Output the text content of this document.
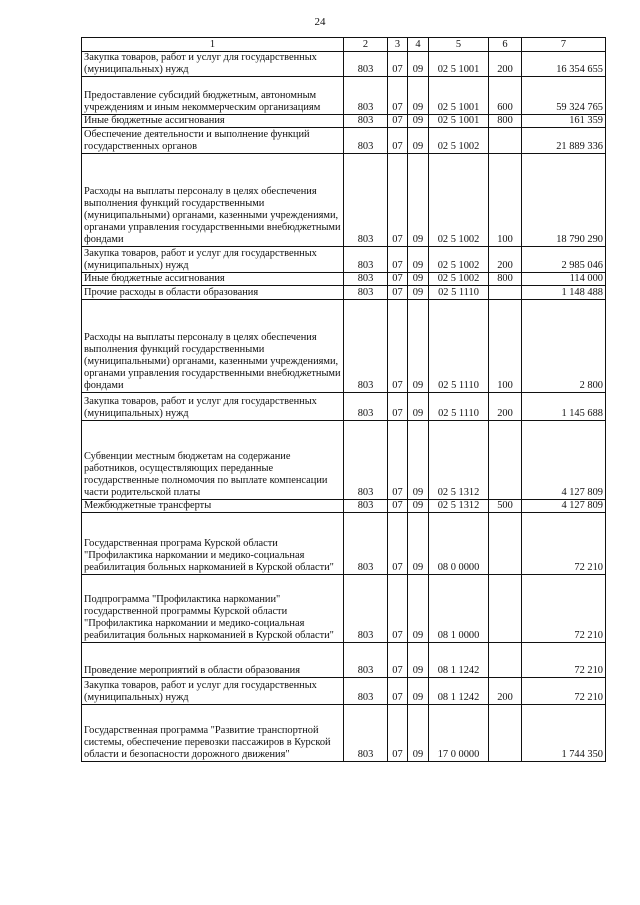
24
1	2	3	4	5	6	7
Закупка товаров, работ и услуг для государственных (муниципальных) нужд	803	07	09	02 5 1001	200	16 354 655
Предоставление субсидий бюджетным, автономным учреждениям и иным некоммерческим организациям	803	07	09	02 5 1001	600	59 324 765
Иные бюджетные ассигнования	803	07	09	02 5 1001	800	161 359
Обеспечение деятельности и выполнение функций государственных органов	803	07	09	02 5 1002		21 889 336
Расходы на выплаты персоналу в целях обеспечения выполнения функций государственными (муниципальными) органами, казенными учреждениями, органами управления государственными внебюджетными фондами	803	07	09	02 5 1002	100	18 790 290
Закупка товаров, работ и услуг для государственных (муниципальных) нужд	803	07	09	02 5 1002	200	2 985 046
Иные бюджетные ассигнования	803	07	09	02 5 1002	800	114 000
Прочие расходы в области образования	803	07	09	02 5 1110		1 148 488
Расходы на выплаты персоналу в целях обеспечения выполнения функций государственными (муниципальными) органами, казенными учреждениями, органами управления государственными внебюджетными фондами	803	07	09	02 5 1110	100	2 800
Закупка товаров, работ и услуг для государственных (муниципальных) нужд	803	07	09	02 5 1110	200	1 145 688
Субвенции местным бюджетам на содержание работников, осуществляющих переданные государственные полномочия по выплате компенсации части родительской платы	803	07	09	02 5 1312		4 127 809
Межбюджетные трансферты	803	07	09	02 5 1312	500	4 127 809
Государственная програма Курской области "Профилактика наркомании и медико-социальная реабилитация больных наркоманией в Курской области"	803	07	09	08 0 0000		72 210
Подпрограмма "Профилактика наркомании" государственной программы Курской области "Профилактика наркомании и медико-социальная реабилитация больных наркоманией в Курской области"	803	07	09	08 1 0000		72 210
Проведение мероприятий в области образования	803	07	09	08 1 1242		72 210
Закупка товаров, работ и услуг для государственных (муниципальных) нужд	803	07	09	08 1 1242	200	72 210
Государственная программа "Развитие транспортной системы, обеспечение перевозки пассажиров в Курской области и безопасности дорожного движения"	803	07	09	17 0 0000		1 744 350
